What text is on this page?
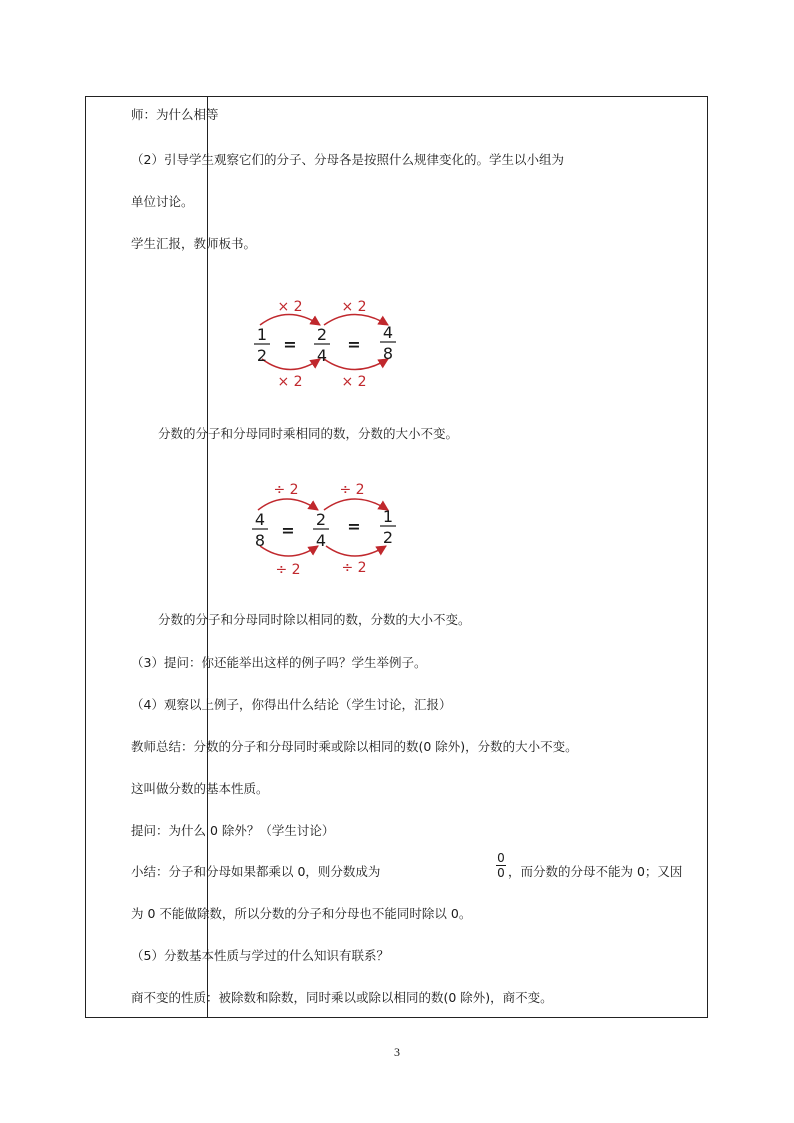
师：为什么相等
（2）引导学生观察它们的分子、分母各是按照什么规律变化的。学生以小组为
单位讨论。
学生汇报，教师板书。
× 2	× 2
× 2	× 2
1
2
=
2
4
=
4
8
分数的分子和分母同时乘相同的数，分数的大小不变。
÷ 2	÷ 2
÷ 2	÷ 2
4
8
=
2
4
=
1
2
分数的分子和分母同时除以相同的数，分数的大小不变。
（3）提问：你还能举出这样的例子吗？学生举例子。
（4）观察以上例子，你得出什么结论（学生讨论，汇报）
教师总结：分数的分子和分母同时乘或除以相同的数(0 除外)，分数的大小不变。
这叫做分数的基本性质。
提问：为什么 0 除外？（学生讨论）
小结：分子和分母如果都乘以 0，则分数成为
0
0 ，而分数的分母不能为 0；又因
为 0 不能做除数，所以分数的分子和分母也不能同时除以 0。
（5）分数基本性质与学过的什么知识有联系？
商不变的性质：被除数和除数，同时乘以或除以相同的数(0 除外)，商不变。
3
